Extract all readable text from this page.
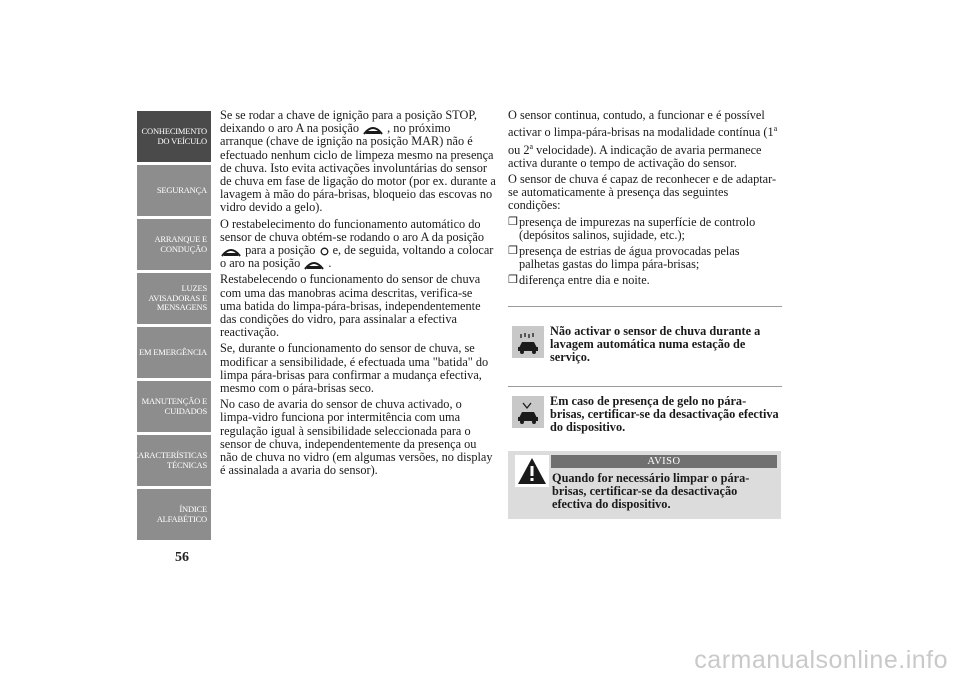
CONHECIMENTO
DO VEÍCULO
SEGURANÇA
ARRANQUE E
CONDUÇÃO
LUZES
AVISADORAS E
MENSAGENS
EM EMERGÊNCIA
MANUTENÇÃO E
CUIDADOS
CARACTERÍSTICAS
TÉCNICAS
ÍNDICE
ALFABÉTICO
56

Se se rodar a chave de ignição para a posição STOP, deixando o aro A na posição , no próximo arranque (chave de ignição na posição MAR) não é efectuado nenhum ciclo de limpeza mesmo na presença de chuva. Isto evita activações involuntárias do sensor de chuva em fase de ligação do motor (por ex. durante a lavagem à mão do pára-brisas, bloqueio das escovas no vidro devido a gelo).

O restabelecimento do funcionamento automático do sensor de chuva obtém-se rodando o aro A da posição
para a posição e, de seguida, voltando a colocar o aro na posição .

Restabelecendo o funcionamento do sensor de chuva com uma das manobras acima descritas, verifica-se uma batida do limpa-pára-brisas, independentemente das condições do vidro, para assinalar a efectiva reactivação.

Se, durante o funcionamento do sensor de chuva, se modificar a sensibilidade, é efectuada uma "batida" do limpa pára-brisas para confirmar a mudança efectiva, mesmo com o pára-brisas seco.

No caso de avaria do sensor de chuva activado, o limpa-vidro funciona por intermitência com uma regulação igual à sensibilidade seleccionada para o sensor de chuva, independentemente da presença ou não de chuva no vidro (em algumas versões, no display é assinalada a avaria do sensor).

O sensor continua, contudo, a funcionar e é possível activar o limpa-pára-brisas na modalidade contínua (1$^a$ ou 2$^a$ velocidade). A indicação de avaria permanece activa durante o tempo de activação do sensor.

O sensor de chuva é capaz de reconhecer e de adaptar-se automaticamente à presença das seguintes condições:

❒ presença de impurezas na superfície de controlo (depósitos salinos, sujidade, etc.);
❒ presença de estrias de água provocadas pelas palhetas gastas do limpa pára-brisas;
❒ diferença entre dia e noite.
Não activar o sensor de chuva durante a lavagem automática numa estação de serviço.
Em caso de presença de gelo no pára-brisas, certificar-se da desactivação efectiva do dispositivo.
AVISO
Quando for necessário limpar o pára-brisas, certificar-se da desactivação efectiva do dispositivo.
carmanualsonline.info
